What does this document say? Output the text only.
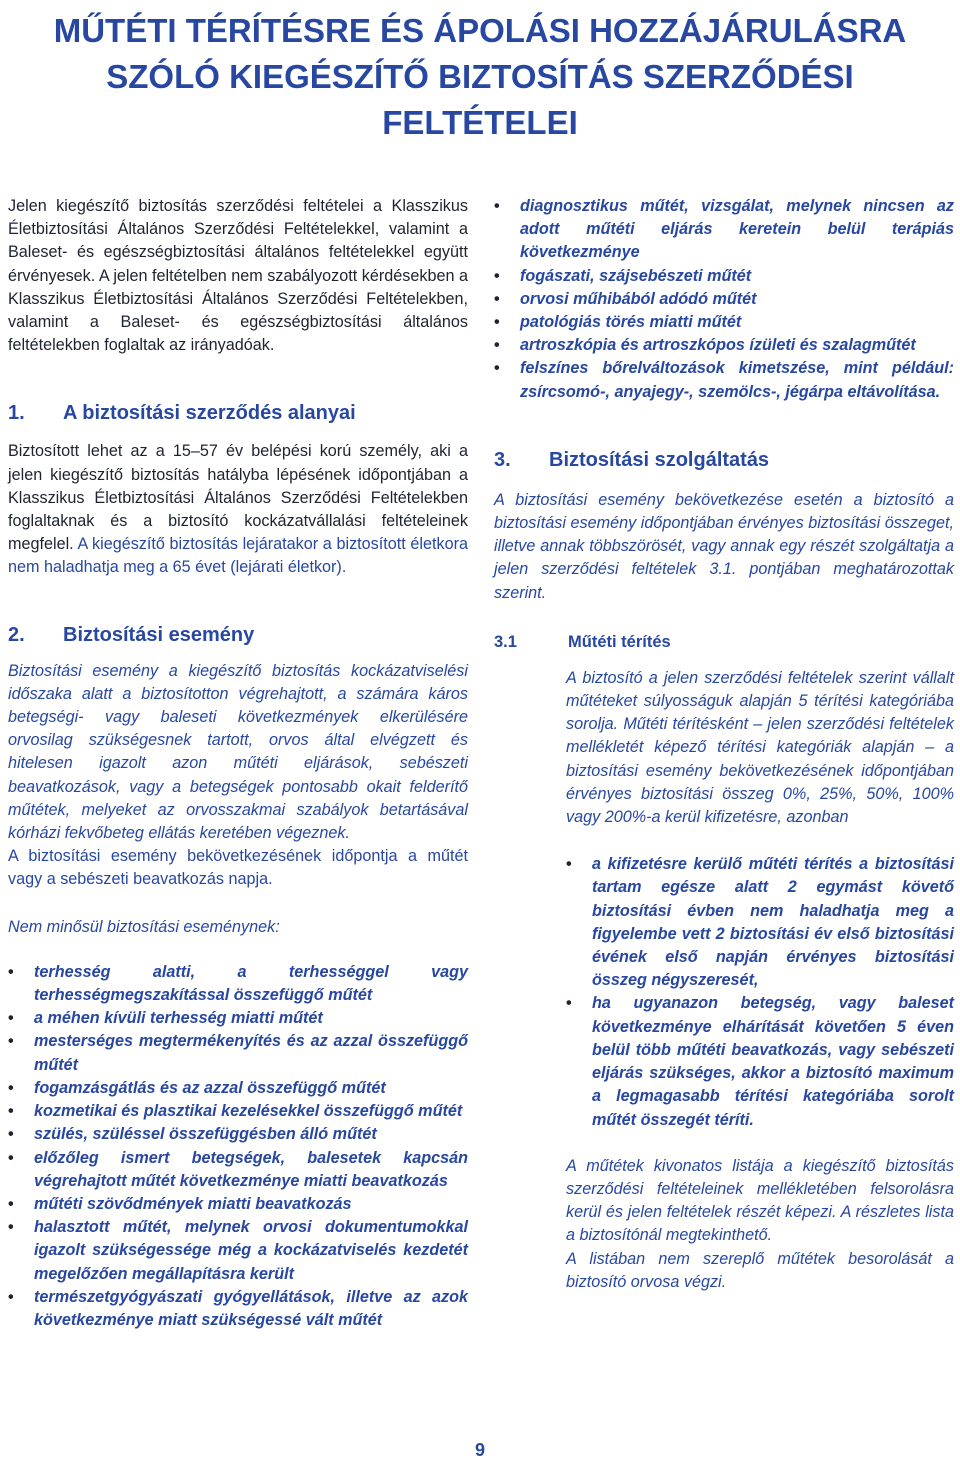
MŰTÉTI TÉRÍTÉSRE ÉS ÁPOLÁSI HOZZÁJÁRULÁSRA
SZÓLÓ KIEGÉSZÍTŐ BIZTOSÍTÁS SZERZŐDÉSI
FELTÉTELEI

Jelen kiegészítő biztosítás szerződési feltételei a Klasszikus Életbiztosítási Általános Szerződési Feltételekkel, valamint a Baleset- és egészségbiztosítási általános feltételekkel együtt érvényesek. A jelen feltételben nem szabályozott kérdésekben a Klasszikus Életbiztosítási Általános Szerződési Feltételekben, valamint a Baleset- és egészségbiztosítási általános feltételekben foglaltak az irányadóak.

1. A biztosítási szerződés alanyai

Biztosított lehet az a 15–57 év belépési korú személy, aki a jelen kiegészítő biztosítás hatályba lépésének időpontjában a Klasszikus Életbiztosítási Általános Szerződési Feltételekben foglaltaknak és a biztosító kockázatvállalási feltételeinek megfelel. A kiegészítő biztosítás lejáratakor a biztosított életkora nem haladhatja meg a 65 évet (lejárati életkor).

2. Biztosítási esemény

Biztosítási esemény a kiegészítő biztosítás kockázatviselési időszaka alatt a biztosítotton végrehajtott, a számára káros betegségi- vagy baleseti következmények elkerülésére orvosilag szükségesnek tartott, orvos által elvégzett és hitelesen igazolt azon műtéti eljárások, sebészeti beavatkozások, vagy a betegségek pontosabb okait felderítő műtétek, melyeket az orvosszakmai szabályok betartásával kórházi fekvőbeteg ellátás keretében végeznek.

A biztosítási esemény bekövetkezésének időpontja a műtét vagy a sebészeti beavatkozás napja.

Nem minősül biztosítási eseménynek:

• terhesség alatti, a terhességgel vagy terhességmegszakítással összefüggő műtét
• a méhen kívüli terhesség miatti műtét
• mesterséges megtermékenyítés és az azzal összefüggő műtét
• fogamzásgátlás és az azzal összefüggő műtét
• kozmetikai és plasztikai kezelésekkel összefüggő műtét
• szülés, szüléssel összefüggésben álló műtét
• előzőleg ismert betegségek, balesetek kapcsán végrehajtott műtét következménye miatti beavatkozás
• műtéti szövődmények miatti beavatkozás
• halasztott műtét, melynek orvosi dokumentumokkal igazolt szükségessége még a kockázatviselés kezdetét megelőzően megállapításra került
• természetgyógyászati gyógyellátások, illetve az azok következménye miatt szükségessé vált műtét
• diagnosztikus műtét, vizsgálat, melynek nincsen az adott műtéti eljárás keretein belül terápiás következménye
• fogászati, szájsebészeti műtét
• orvosi műhibából adódó műtét
• patológiás törés miatti műtét
• artroszkópia és artroszkópos ízületi és szalagműtét
• felszínes bőrelváltozások kimetszése, mint például: zsírcsomó-, anyajegy-, szemölcs-, jégárpa eltávolítása.
3. Biztosítási szolgáltatás

A biztosítási esemény bekövetkezése esetén a biztosító a biztosítási esemény időpontjában érvényes biztosítási összeget, illetve annak többszörösét, vagy annak egy részét szolgáltatja a jelen szerződési feltételek 3.1. pontjában meghatározottak szerint.

3.1	Műtéti térítés

A biztosító a jelen szerződési feltételek szerint vállalt műtéteket súlyosságuk alapján 5 térítési kategóriába sorolja. Műtéti térítésként – jelen szerződési feltételek mellékletét képező térítési kategóriák alapján – a biztosítási esemény bekövetkezésének időpontjában érvényes biztosítási összeg 0%, 25%, 50%, 100% vagy 200%-a kerül kifizetésre, azonban

• a kifizetésre kerülő műtéti térítés a biztosítási tartam egésze alatt 2 egymást követő biztosítási évben nem haladhatja meg a figyelembe vett 2 biztosítási év első biztosítási évének első napján érvényes biztosítási összeg négyszeresét,
• ha ugyanazon betegség, vagy baleset következménye elhárítását követően 5 éven belül több műtéti beavatkozás, vagy sebészeti eljárás szükséges, akkor a biztosító maximum a legmagasabb térítési kategóriába sorolt műtét összegét téríti.

A műtétek kivonatos listája a kiegészítő biztosítás szerződési feltételeinek mellékletében felsorolásra kerül és jelen feltételek részét képezi. A részletes lista a biztosítónál megtekinthető.

A listában nem szereplő műtétek besorolását a biztosító orvosa végzi.

9
